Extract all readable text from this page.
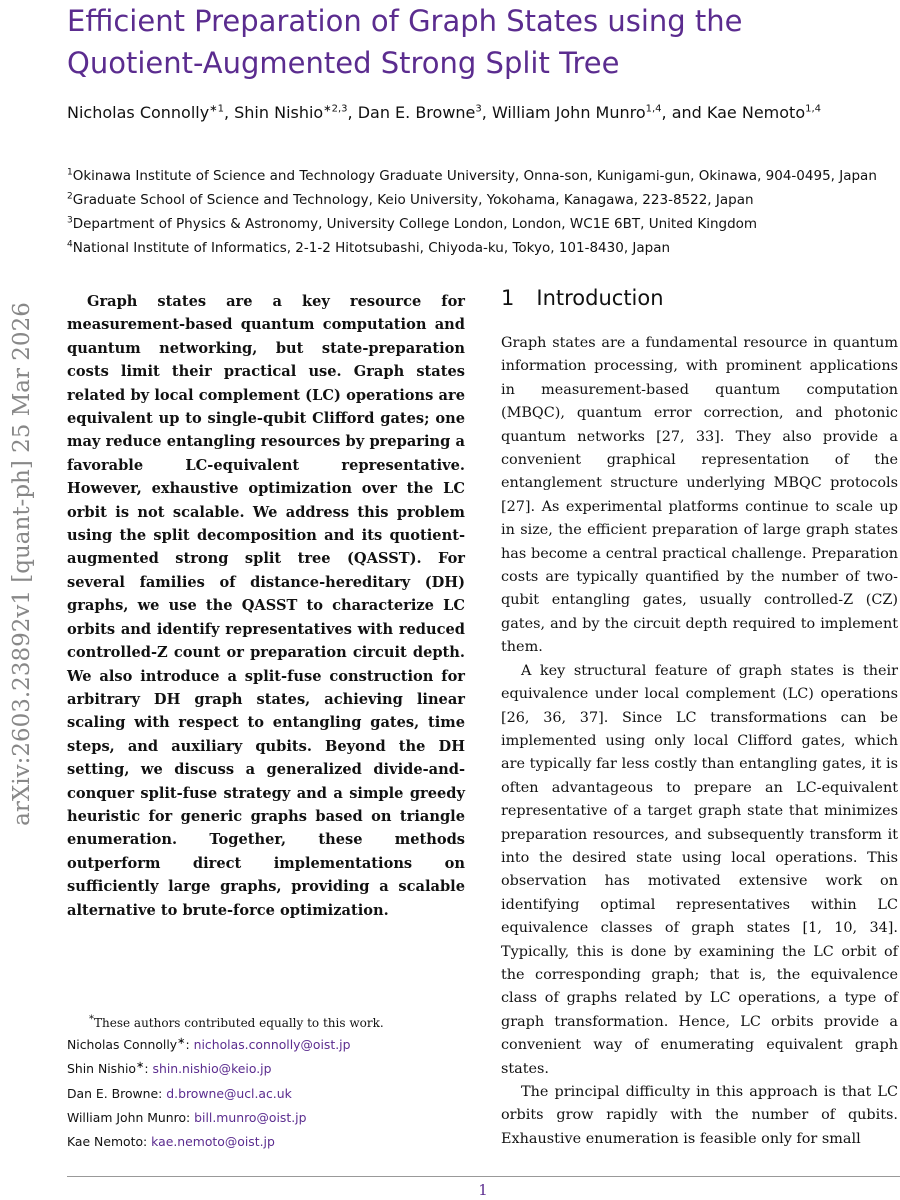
Efficient Preparation of Graph States using the Quotient-Augmented Strong Split Tree
Nicholas Connolly$^{∗1}$, Shin Nishio$^{∗2,3}$, Dan E. Browne$^3$, William John Munro$^{1,4}$, and Kae Nemoto$^{1,4}$
$^1$Okinawa Institute of Science and Technology Graduate University, Onna-son, Kunigami-gun, Okinawa, 904-0495, Japan
$^2$Graduate School of Science and Technology, Keio University, Yokohama, Kanagawa, 223-8522, Japan
$^3$Department of Physics & Astronomy, University College London, London, WC1E 6BT, United Kingdom
$^4$National Institute of Informatics, 2-1-2 Hitotsubashi, Chiyoda-ku, Tokyo, 101-8430, Japan
arXiv:2603.23892v1 [quant-ph] 25 Mar 2026

Graph states are a key resource for measurement-based quantum computation and quantum networking, but state-preparation costs limit their practical use. Graph states related by local complement (LC) operations are equivalent up to single-qubit Clifford gates; one may reduce entangling resources by preparing a favorable LC-equivalent representative. However, exhaustive optimization over the LC orbit is not scalable. We address this problem using the split decomposition and its quotient-augmented strong split tree (QASST). For several families of distance-hereditary (DH) graphs, we use the QASST to characterize LC orbits and identify representatives with reduced controlled-Z count or preparation circuit depth. We also introduce a split-fuse construction for arbitrary DH graph states, achieving linear scaling with respect to entangling gates, time steps, and auxiliary qubits. Beyond the DH setting, we discuss a generalized divide-and-conquer split-fuse strategy and a simple greedy heuristic for generic graphs based on triangle enumeration. Together, these methods outperform direct implementations on sufficiently large graphs, providing a scalable alternative to brute-force optimization.

*These authors contributed equally to this work.
Nicholas Connolly∗: nicholas.connolly@oist.jp
Shin Nishio∗: shin.nishio@keio.jp
Dan E. Browne: d.browne@ucl.ac.uk
William John Munro: bill.munro@oist.jp
Kae Nemoto: kae.nemoto@oist.jp
1 Introduction

Graph states are a fundamental resource in quantum information processing, with prominent applications in measurement-based quantum computation (MBQC), quantum error correction, and photonic quantum networks [27, 33]. They also provide a convenient graphical representation of the entanglement structure underlying MBQC protocols [27]. As experimental platforms continue to scale up in size, the efficient preparation of large graph states has become a central practical challenge. Preparation costs are typically quantified by the number of two-qubit entangling gates, usually controlled-Z (CZ) gates, and by the circuit depth required to implement them.

A key structural feature of graph states is their equivalence under local complement (LC) operations [26, 36, 37]. Since LC transformations can be implemented using only local Clifford gates, which are typically far less costly than entangling gates, it is often advantageous to prepare an LC-equivalent representative of a target graph state that minimizes preparation resources, and subsequently transform it into the desired state using local operations. This observation has motivated extensive work on identifying optimal representatives within LC equivalence classes of graph states [1, 10, 34]. Typically, this is done by examining the LC orbit of the corresponding graph; that is, the equivalence class of graphs related by LC operations, a type of graph transformation. Hence, LC orbits provide a convenient way of enumerating equivalent graph states.

The principal difficulty in this approach is that LC orbits grow rapidly with the number of qubits. Exhaustive enumeration is feasible only for small

1
